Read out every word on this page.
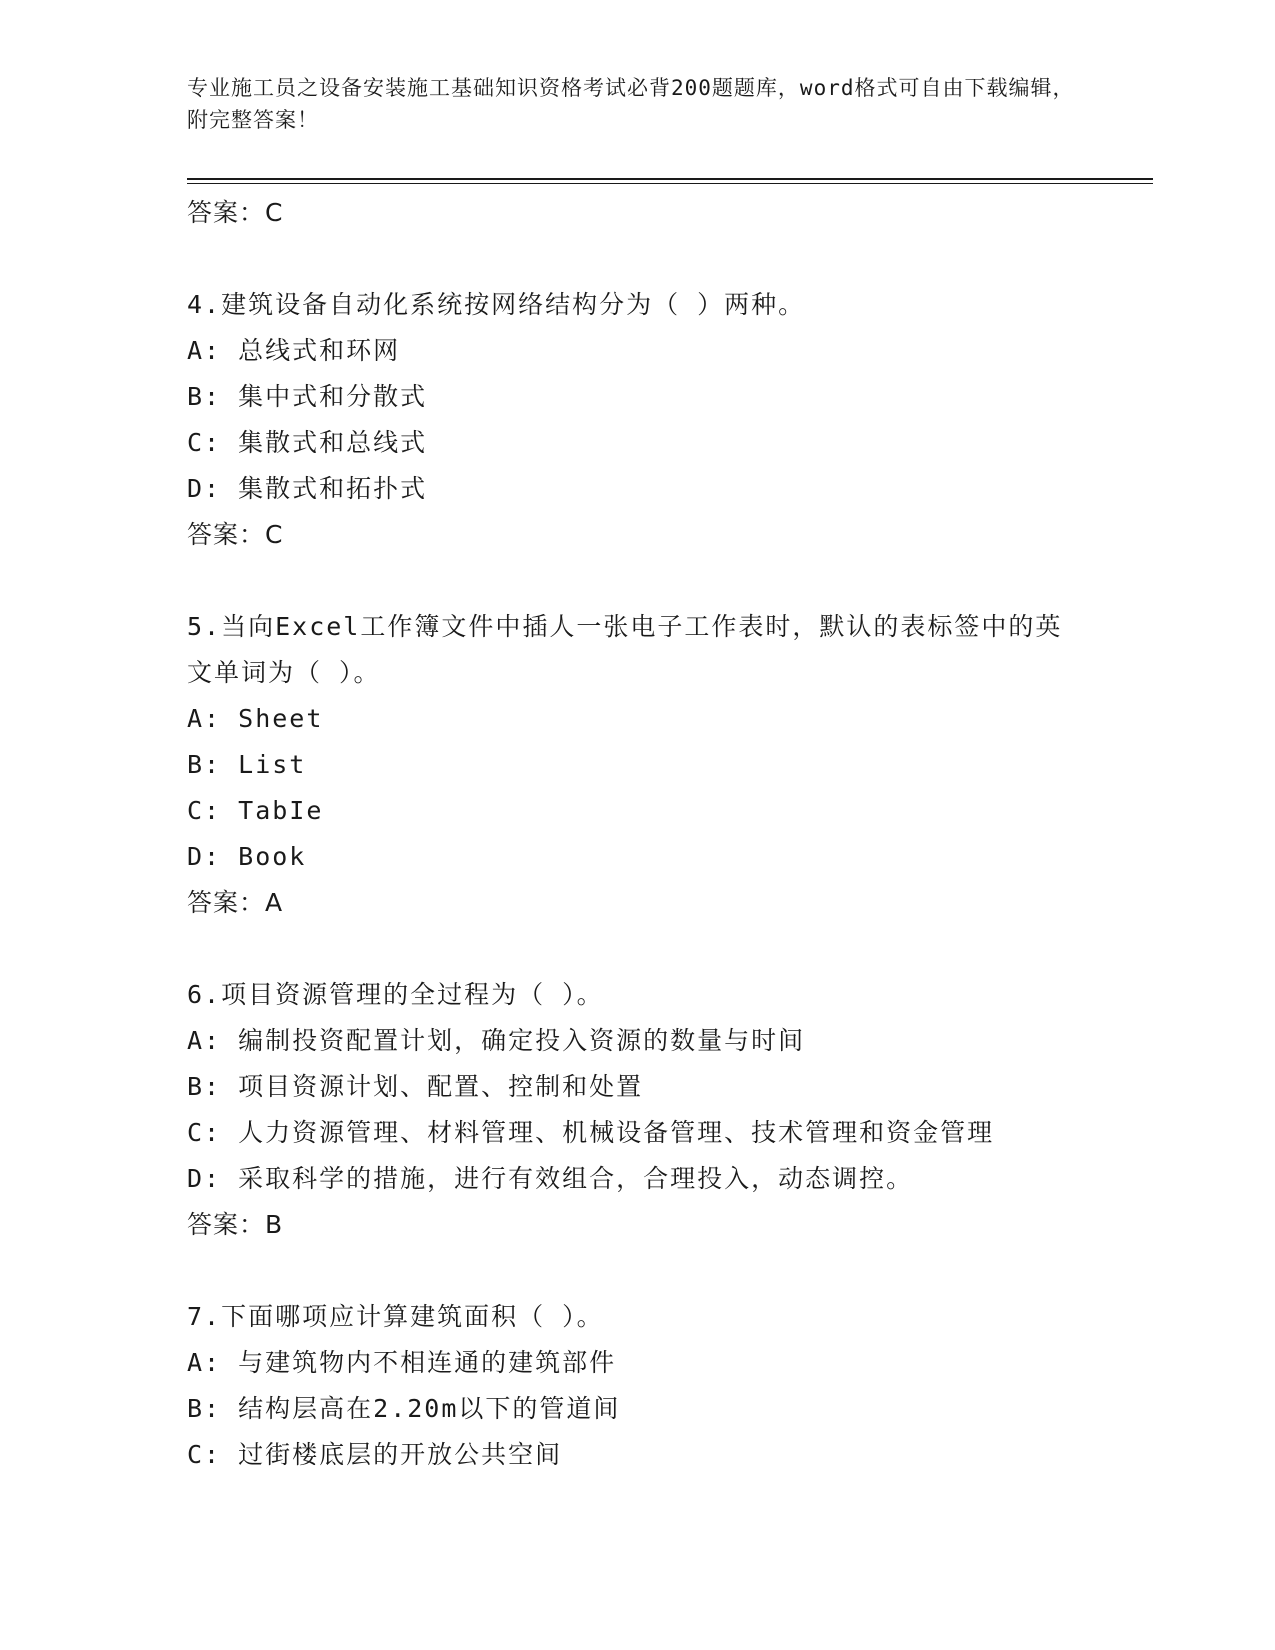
专业施工员之设备安装施工基础知识资格考试必背200题题库，word格式可自由下载编辑，附完整答案！
答案：C
4.建筑设备自动化系统按网络结构分为（ ）两种。
A: 总线式和环网
B: 集中式和分散式
C: 集散式和总线式
D: 集散式和拓扑式
答案：C
5.当向Excel工作簿文件中插人一张电子工作表时，默认的表标签中的英文单词为（ ）。
A: Sheet
B: List
C: TabIe
D: Book
答案：A
6.项目资源管理的全过程为（ ）。
A: 编制投资配置计划，确定投入资源的数量与时间
B: 项目资源计划、配置、控制和处置
C: 人力资源管理、材料管理、机械设备管理、技术管理和资金管理
D: 采取科学的措施，进行有效组合，合理投入，动态调控。
答案：B
7.下面哪项应计算建筑面积（ ）。
A: 与建筑物内不相连通的建筑部件
B: 结构层高在2.20m以下的管道间
C: 过街楼底层的开放公共空间
